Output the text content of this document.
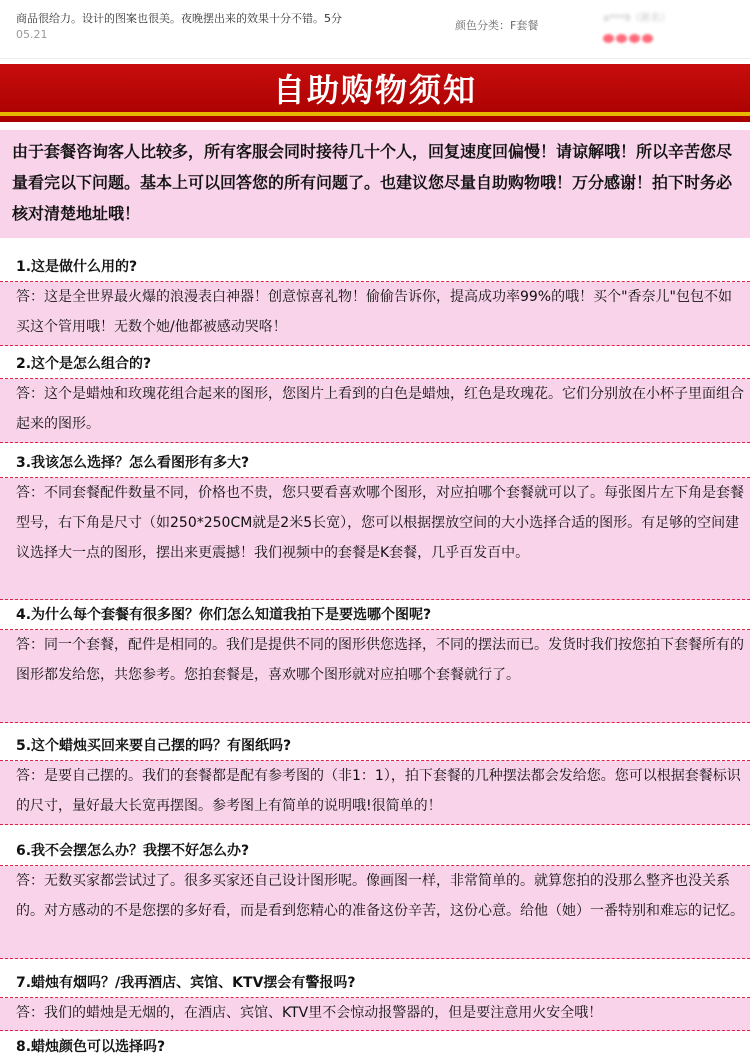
商品很给力。设计的图案也很美。夜晚摆出来的效果十分不错。5分
05.21
颜色分类：F套餐
a***9（匿名）
自助购物须知

由于套餐咨询客人比较多，所有客服会同时接待几十个人，回复速度回偏慢！请谅解哦！所以辛苦您尽量看完以下问题。基本上可以回答您的所有问题了。也建议您尽量自助购物哦！万分感谢！拍下时务必核对清楚地址哦！

1.这是做什么用的?
答：这是全世界最火爆的浪漫表白神器！创意惊喜礼物！偷偷告诉你，提高成功率99%的哦！买个"香奈儿"包包不如买这个管用哦！无数个她/他都被感动哭咯！
2.这个是怎么组合的?
答：这个是蜡烛和玫瑰花组合起来的图形，您图片上看到的白色是蜡烛，红色是玫瑰花。它们分别放在小杯子里面组合起来的图形。
3.我该怎么选择？怎么看图形有多大?
答：不同套餐配件数量不同，价格也不贵，您只要看喜欢哪个图形，对应拍哪个套餐就可以了。每张图片左下角是套餐型号，右下角是尺寸（如250*250CM就是2米5长宽），您可以根据摆放空间的大小选择合适的图形。有足够的空间建议选择大一点的图形，摆出来更震撼！我们视频中的套餐是K套餐，几乎百发百中。
4.为什么每个套餐有很多图？你们怎么知道我拍下是要选哪个图呢?
答：同一个套餐，配件是相同的。我们是提供不同的图形供您选择，不同的摆法而已。发货时我们按您拍下套餐所有的图形都发给您，共您参考。您拍套餐是，喜欢哪个图形就对应拍哪个套餐就行了。
5.这个蜡烛买回来要自己摆的吗？有图纸吗?
答：是要自己摆的。我们的套餐都是配有参考图的（非1：1），拍下套餐的几种摆法都会发给您。您可以根据套餐标识的尺寸，量好最大长宽再摆图。参考图上有简单的说明哦!很简单的！
6.我不会摆怎么办？我摆不好怎么办?
答：无数买家都尝试过了。很多买家还自己设计图形呢。像画图一样，非常简单的。就算您拍的没那么整齐也没关系的。对方感动的不是您摆的多好看，而是看到您精心的准备这份辛苦，这份心意。给他（她）一番特别和难忘的记忆。
7.蜡烛有烟吗？/我再酒店、宾馆、KTV摆会有警报吗?
答：我们的蜡烛是无烟的，在酒店、宾馆、KTV里不会惊动报警器的，但是要注意用火安全哦！
8.蜡烛颜色可以选择吗?
